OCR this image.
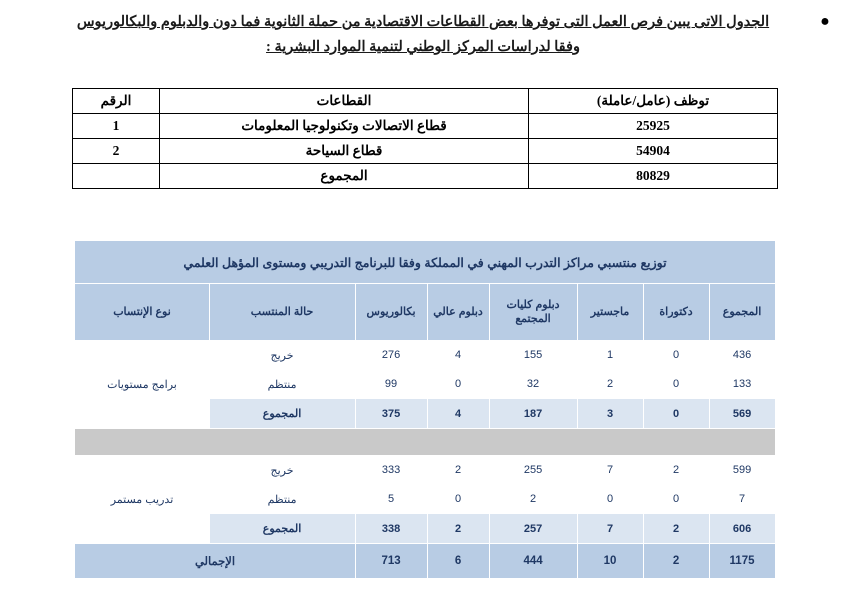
●
الجدول الاتى يبين فرص العمل التى توفرها بعض القطاعات الاقتصادية من حملة الثانوية فما دون والدبلوم والبكالوريوس
وفقا لدراسات المركز الوطني لتنمية الموارد البشرية :
توظف (عامل/عاملة)	القطاعات	الرقم
25925	قطاع الاتصالات وتكنولوجيا المعلومات	1
54904	قطاع السياحة	2
80829	المجموع	
توزيع منتسبي مراكز التدرب المهني في المملكة وفقا للبرنامج التدريبي ومستوى المؤهل العلمي							
المجموع	دكتوراة	ماجستير	دبلوم كليات المجتمع	دبلوم عالي	بكالوريوس	حالة المنتسب	نوع الإنتساب
436	0	1	155	4	276	خريج	برامج مستويات
133	0	2	32	0	99	منتظم	
569	0	3	187	4	375	المجموع	

599	2	7	255	2	333	خريج	تدريب مستمر
7	0	0	2	0	5	منتظم	
606	2	7	257	2	338	المجموع	
1175	2	10	444	6	713	الإجمالي	
